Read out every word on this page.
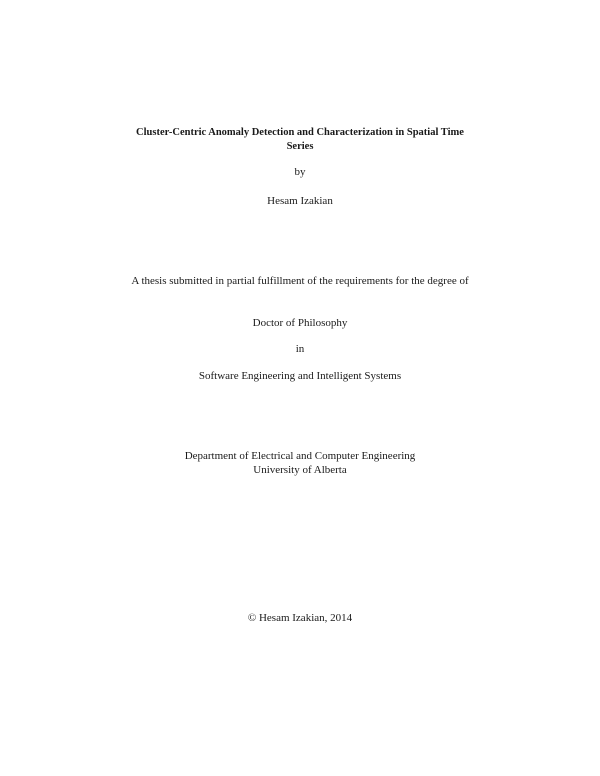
Cluster-Centric Anomaly Detection and Characterization in Spatial Time
Series
by
Hesam Izakian
A thesis submitted in partial fulfillment of the requirements for the degree of
Doctor of Philosophy
in
Software Engineering and Intelligent Systems
Department of Electrical and Computer Engineering
University of Alberta
© Hesam Izakian, 2014
